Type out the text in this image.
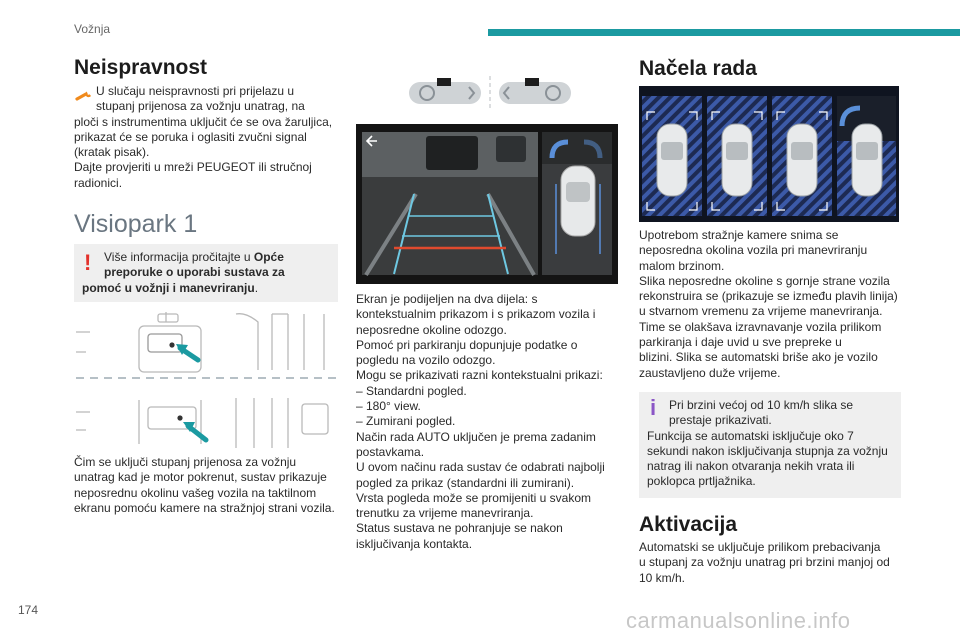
Vožnja
Neispravnost

U slučaju neispravnosti pri prijelazu u

stupanj prijenosa za vožnju unatrag, na

ploči s instrumentima uključit će se ova žaruljica,

prikazat će se poruka i oglasiti zvučni signal

(kratak pisak).

Dajte provjeriti u mreži PEUGEOT ili stručnoj

radionici.

Visiopark 1
!	Više informacija pročitajte u Opće

preporuke o uporabi sustava za

pomoć u vožnji i manevriranju.

Čim se uključi stupanj prijenosa za vožnju

unatrag kad je motor pokrenut, sustav prikazuje

neposrednu okolinu vašeg vozila na taktilnom

ekranu pomoću kamere na stražnjoj strani vozila.

Ekran je podijeljen na dva dijela: s

kontekstualnim prikazom i s prikazom vozila i

neposredne okoline odozgo.

Pomoć pri parkiranju dopunjuje podatke o

pogledu na vozilo odozgo.

Mogu se prikazivati razni kontekstualni prikazi:

– Standardni pogled.

– 180° view.

– Zumirani pogled.

Način rada AUTO uključen je prema zadanim

postavkama.

U ovom načinu rada sustav će odabrati najbolji

pogled za prikaz (standardni ili zumirani).

Vrsta pogleda može se promijeniti u svakom

trenutku za vrijeme manevriranja.

Status sustava ne pohranjuje se nakon

isključivanja kontakta.

Načela rada

Upotrebom stražnje kamere snima se

neposredna okolina vozila pri manevriranju

malom brzinom.

Slika neposredne okoline s gornje strane vozila

rekonstruira se (prikazuje se između plavih linija)

u stvarnom vremenu za vrijeme manevriranja.

Time se olakšava izravnavanje vozila prilikom

parkiranja i daje uvid u sve prepreke u

blizini. Slika se automatski briše ako je vozilo

zaustavljeno duže vrijeme.

i	Pri brzini većoj od 10 km/h slika se

prestaje prikazivati.

Funkcija se automatski isključuje oko 7

sekundi nakon isključivanja stupnja za vožnju

natrag ili nakon otvaranja nekih vrata ili

poklopca prtljažnika.

Aktivacija

Automatski se uključuje prilikom prebacivanja

u stupanj za vožnju unatrag pri brzini manjoj od

10 km/h.

174	carmanualsonline.info
